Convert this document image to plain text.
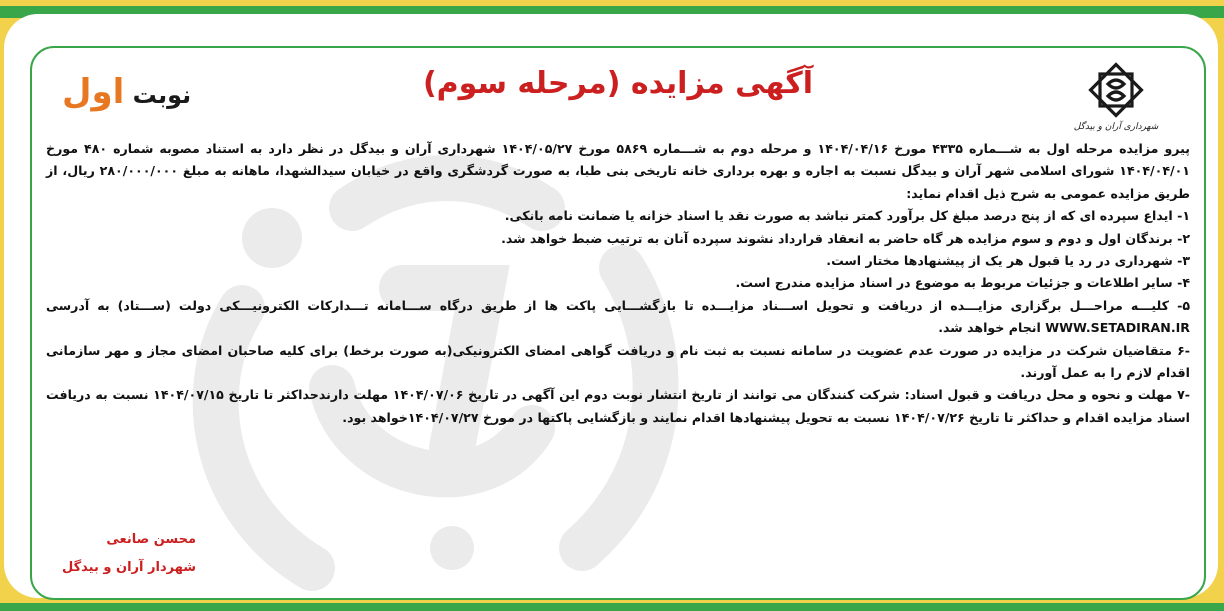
شهرداری آران و بیدگل
آگهی مزایده (مرحله سوم)
نوبت اول

پیرو مزایده مرحله اول به شـــماره ۴۳۳۵ مورخ ۱۴۰۴/۰۴/۱۶ و مرحله دوم به شـــماره ۵۸۶۹ مورخ ۱۴۰۴/۰۵/۲۷ شهرداری آران و بیدگل در نظر دارد به استناد مصوبه شماره ۴۸۰ مورخ ۱۴۰۴/۰۴/۰۱ شورای اسلامی شهر آران و بیدگل نسبت به اجاره و بهره برداری خانه تاریخی بنی طبا، به صورت گردشگری واقع در خیابان سیدالشهدا، ماهانه به مبلغ ۲۸۰/۰۰۰/۰۰۰ ریال، از طریق مزایده عمومی به شرح ذیل اقدام نماید:

۱- ایداع سپرده ای که از پنج درصد مبلغ کل برآورد کمتر نباشد به صورت نقد یا اسناد خزانه یا ضمانت نامه بانکی.

۲- برندگان اول و دوم و سوم مزایده هر گاه حاضر به انعقاد قرارداد نشوند سپرده آنان به ترتیب ضبط خواهد شد.

۳- شهرداری در رد یا قبول هر یک از پیشنهادها مختار است.

۴- سایر اطلاعات و جزئیات مربوط به موضوع در اسناد مزایده مندرج است.

۵- کلیـــه مراحـــل برگزاری مزایـــده از دریافت و تحویل اســـناد مزایـــده تا بازگشـــایی پاکت ها از طریق درگاه ســـامانه تـــدارکات الکترونیـــکی دولت (ســـتاد) به آدرسی WWW.SETADIRAN.IR انجام خواهد شد.

-۶ متقاضیان شرکت در مزایده در صورت عدم عضویت در سامانه نسبت به ثبت نام و دریافت گواهی امضای الکترونیکی(به صورت برخط) برای کلیه صاحبان امضای مجاز و مهر سازمانی اقدام لازم را به عمل آورند.

-۷ مهلت و نحوه و محل دریافت و قبول اسناد: شرکت کنندگان می توانند از تاریخ انتشار نوبت دوم این آگهی در تاریخ ۱۴۰۴/۰۷/۰۶ مهلت دارندحداکثر تا تاریخ ۱۴۰۴/۰۷/۱۵ نسبت به دریافت اسناد مزایده اقدام و حداکثر تا تاریخ ۱۴۰۴/۰۷/۲۶ نسبت به تحویل پیشنهادها اقدام نمایند و بازگشایی پاکتها در مورخ ۱۴۰۴/۰۷/۲۷خواهد بود.

محسن صانعی

شهردار آران و بیدگل
